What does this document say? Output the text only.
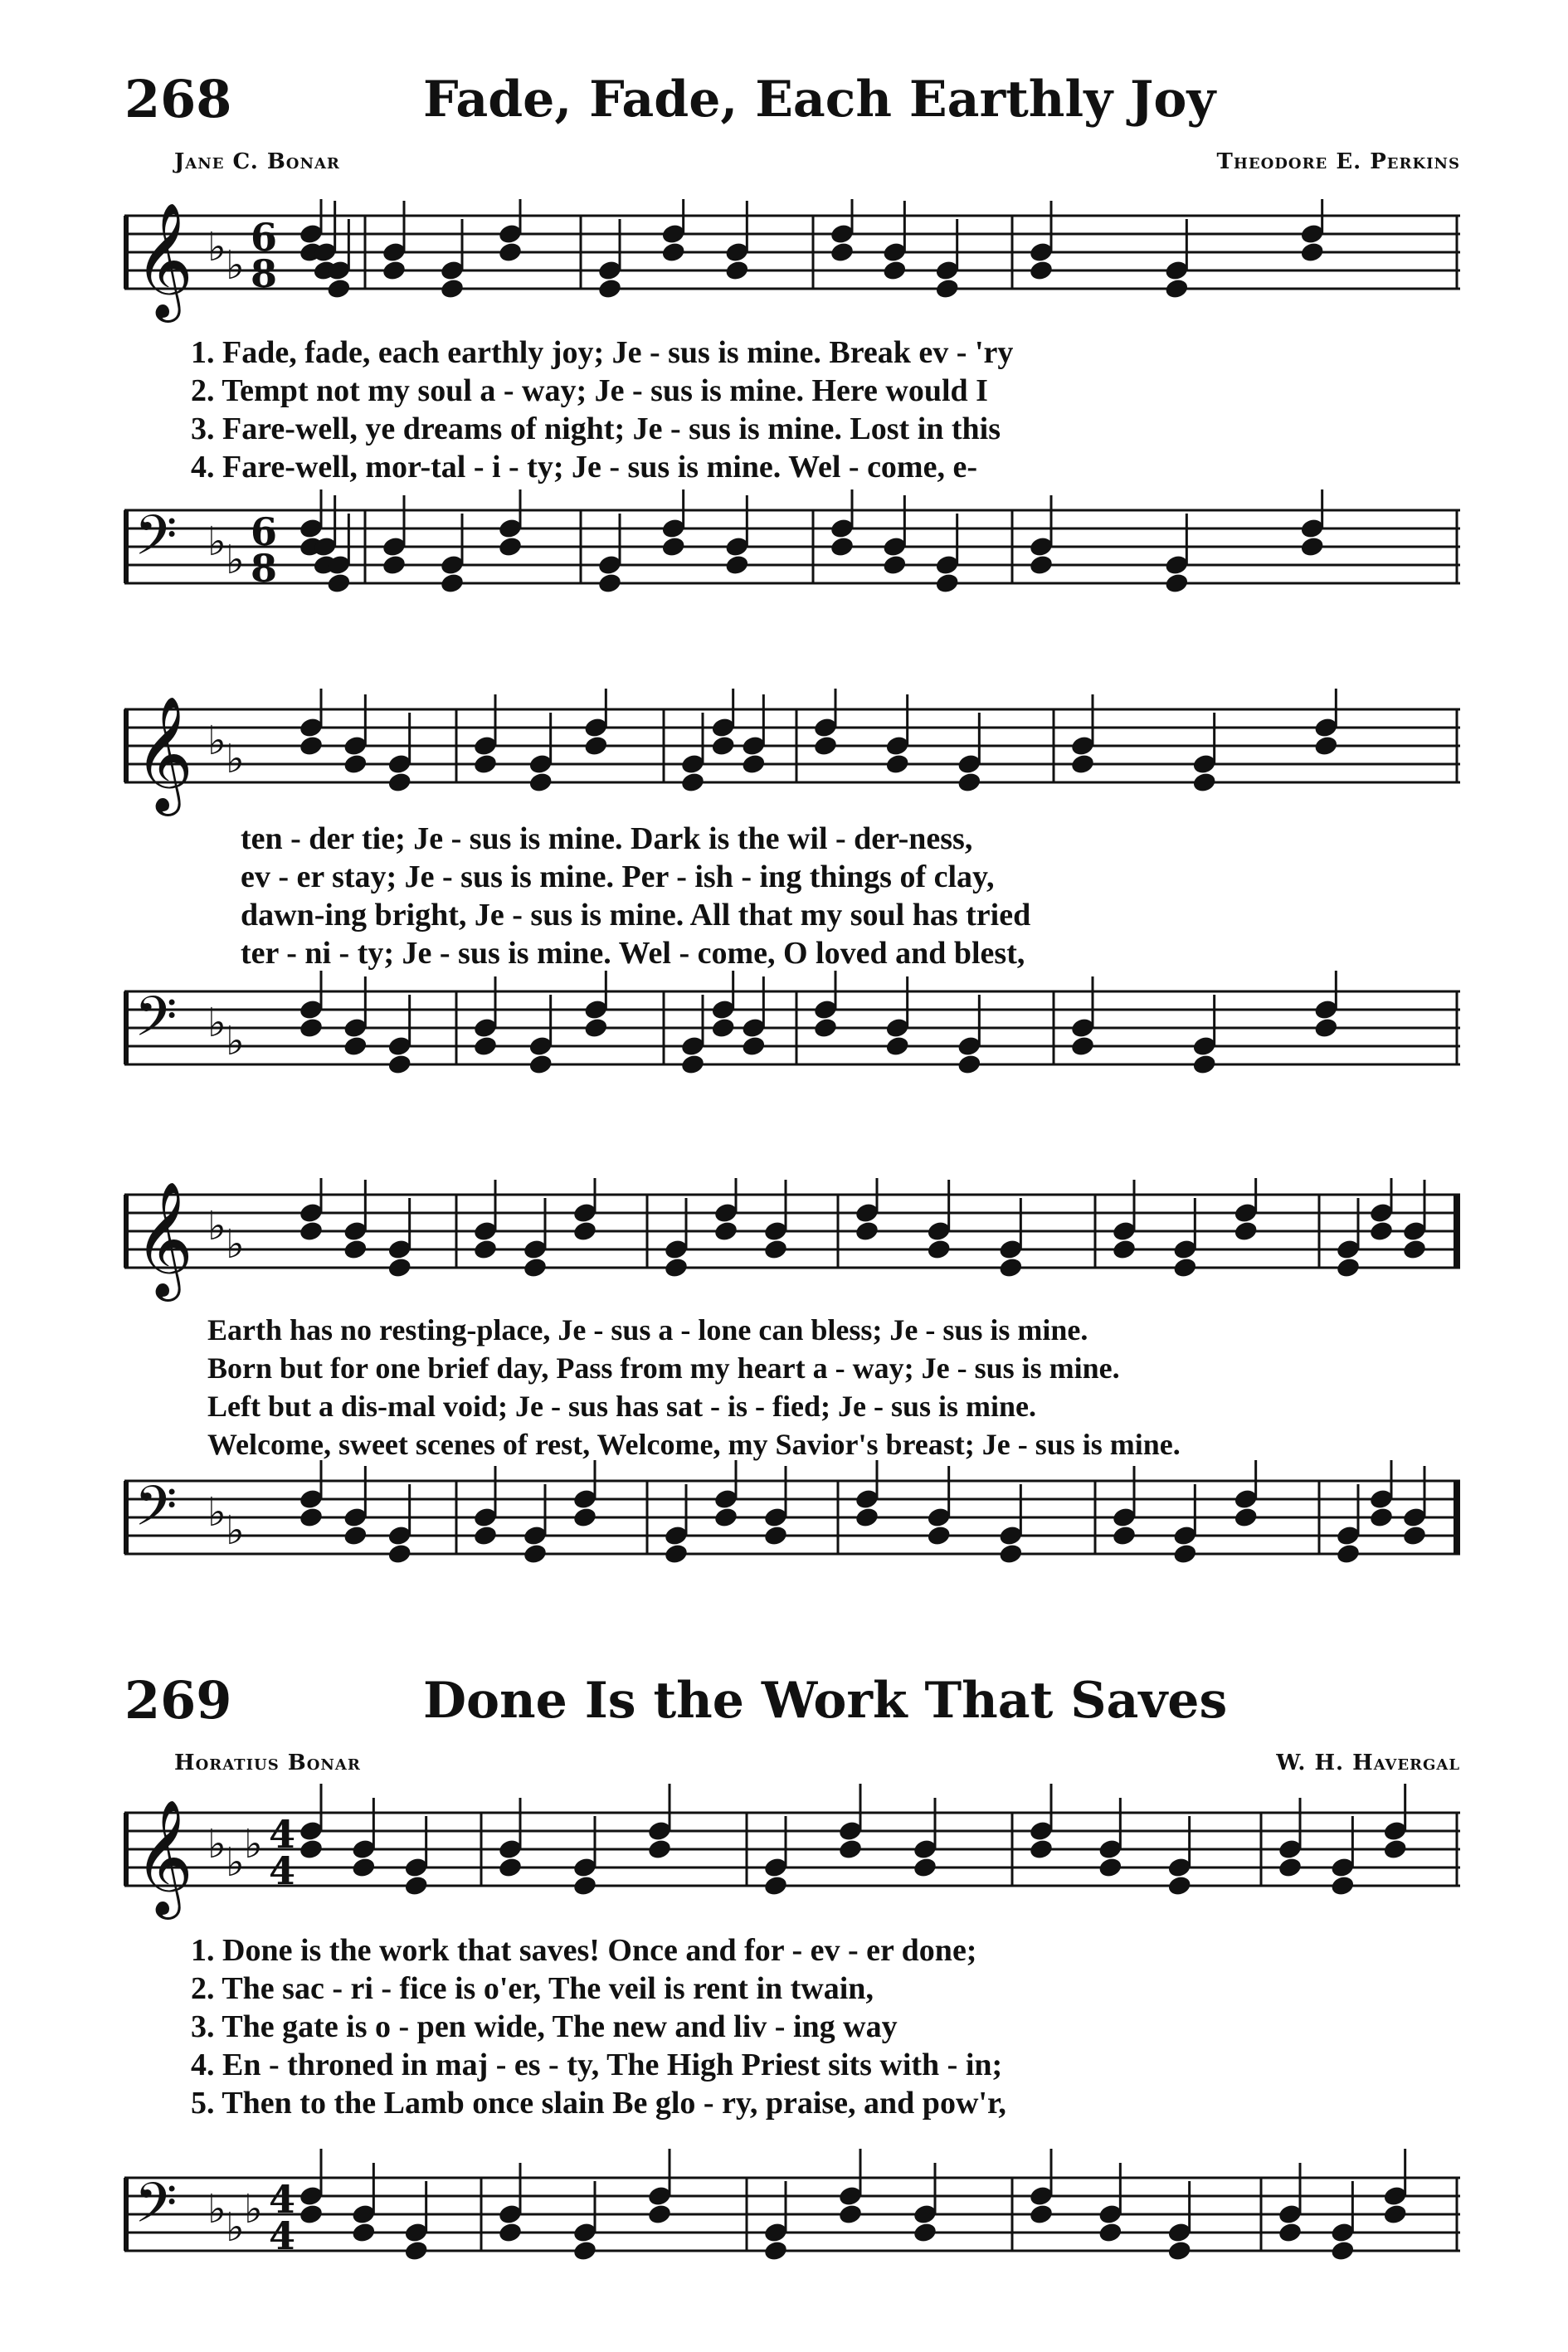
268	Fade, Fade, Each Earthly Joy
Jane C. Bonar	Theodore E. Perkins
𝄞 ♭ ♭
6
8
1. Fade, fade, each earthly joy; Je - sus is mine. Break ev - 'ry
2. Tempt not my soul a - way; Je - sus is mine. Here would I
3. Fare-well, ye dreams of night; Je - sus is mine. Lost in this
4. Fare-well, mor-tal - i - ty; Je - sus is mine. Wel - come, e-
𝄢 ♭ ♭
6
8
𝄞 ♭ ♭
ten - der tie; Je - sus is mine. Dark is the wil - der-ness,
ev - er stay; Je - sus is mine. Per - ish - ing things of clay,
dawn-ing bright, Je - sus is mine. All that my soul has tried
ter - ni - ty; Je - sus is mine. Wel - come, O loved and blest,
𝄢 ♭ ♭
𝄞 ♭ ♭
Earth has no resting-place, Je - sus a - lone can bless; Je - sus is mine.
Born but for one brief day, Pass from my heart a - way; Je - sus is mine.
Left but a dis-mal void; Je - sus has sat - is - fied; Je - sus is mine.
Welcome, sweet scenes of rest, Welcome, my Savior's breast; Je - sus is mine.
𝄢 ♭ ♭
269	Done Is the Work That Saves
Horatius Bonar	W. H. Havergal
𝄞 ♭ ♭ ♭ 4
4
1. Done is the work that saves! Once and for - ev - er done;
2. The sac - ri - fice is o'er, The veil is rent in twain,
3. The gate is o - pen wide, The new and liv - ing way
4. En - throned in maj - es - ty, The High Priest sits with - in;
5. Then to the Lamb once slain Be glo - ry, praise, and pow'r,
𝄢 ♭ ♭ ♭ 4
4
